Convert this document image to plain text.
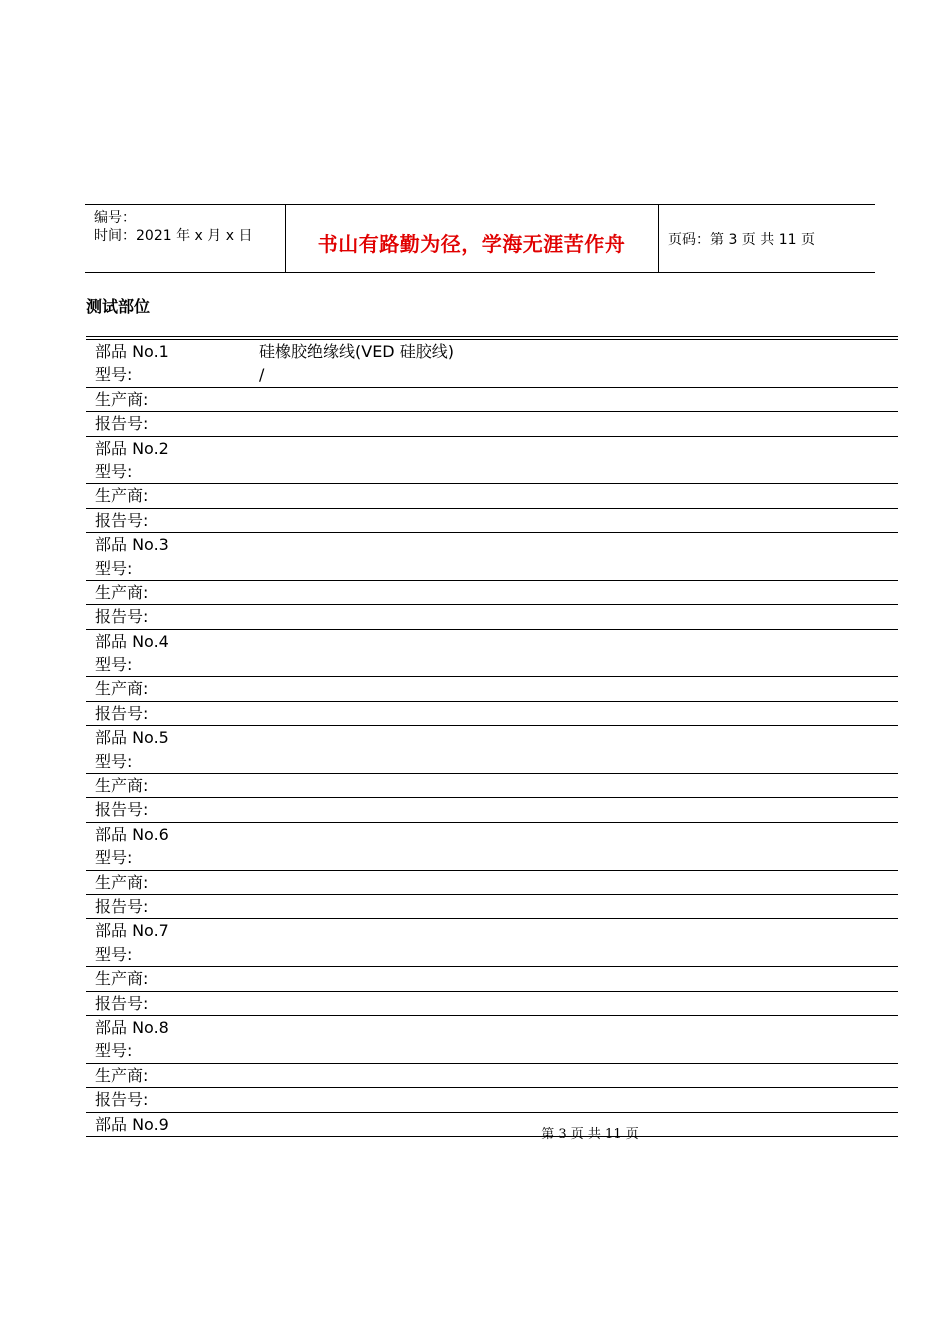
编号：
时间：2021 年 x 月 x 日	书山有路勤为径，学海无涯苦作舟	页码：第 3 页 共 11 页
测试部位
部品 No.1	硅橡胶绝缘线(VED 硅胶线)
型号:	/
生产商:
报告号:
部品 No.2
型号:
生产商:
报告号:
部品 No.3
型号:
生产商:
报告号:
部品 No.4
型号:
生产商:
报告号:
部品 No.5
型号:
生产商:
报告号:
部品 No.6
型号:
生产商:
报告号:
部品 No.7
型号:
生产商:
报告号:
部品 No.8
型号:
生产商:
报告号:
部品 No.9
第 3 页 共 11 页
